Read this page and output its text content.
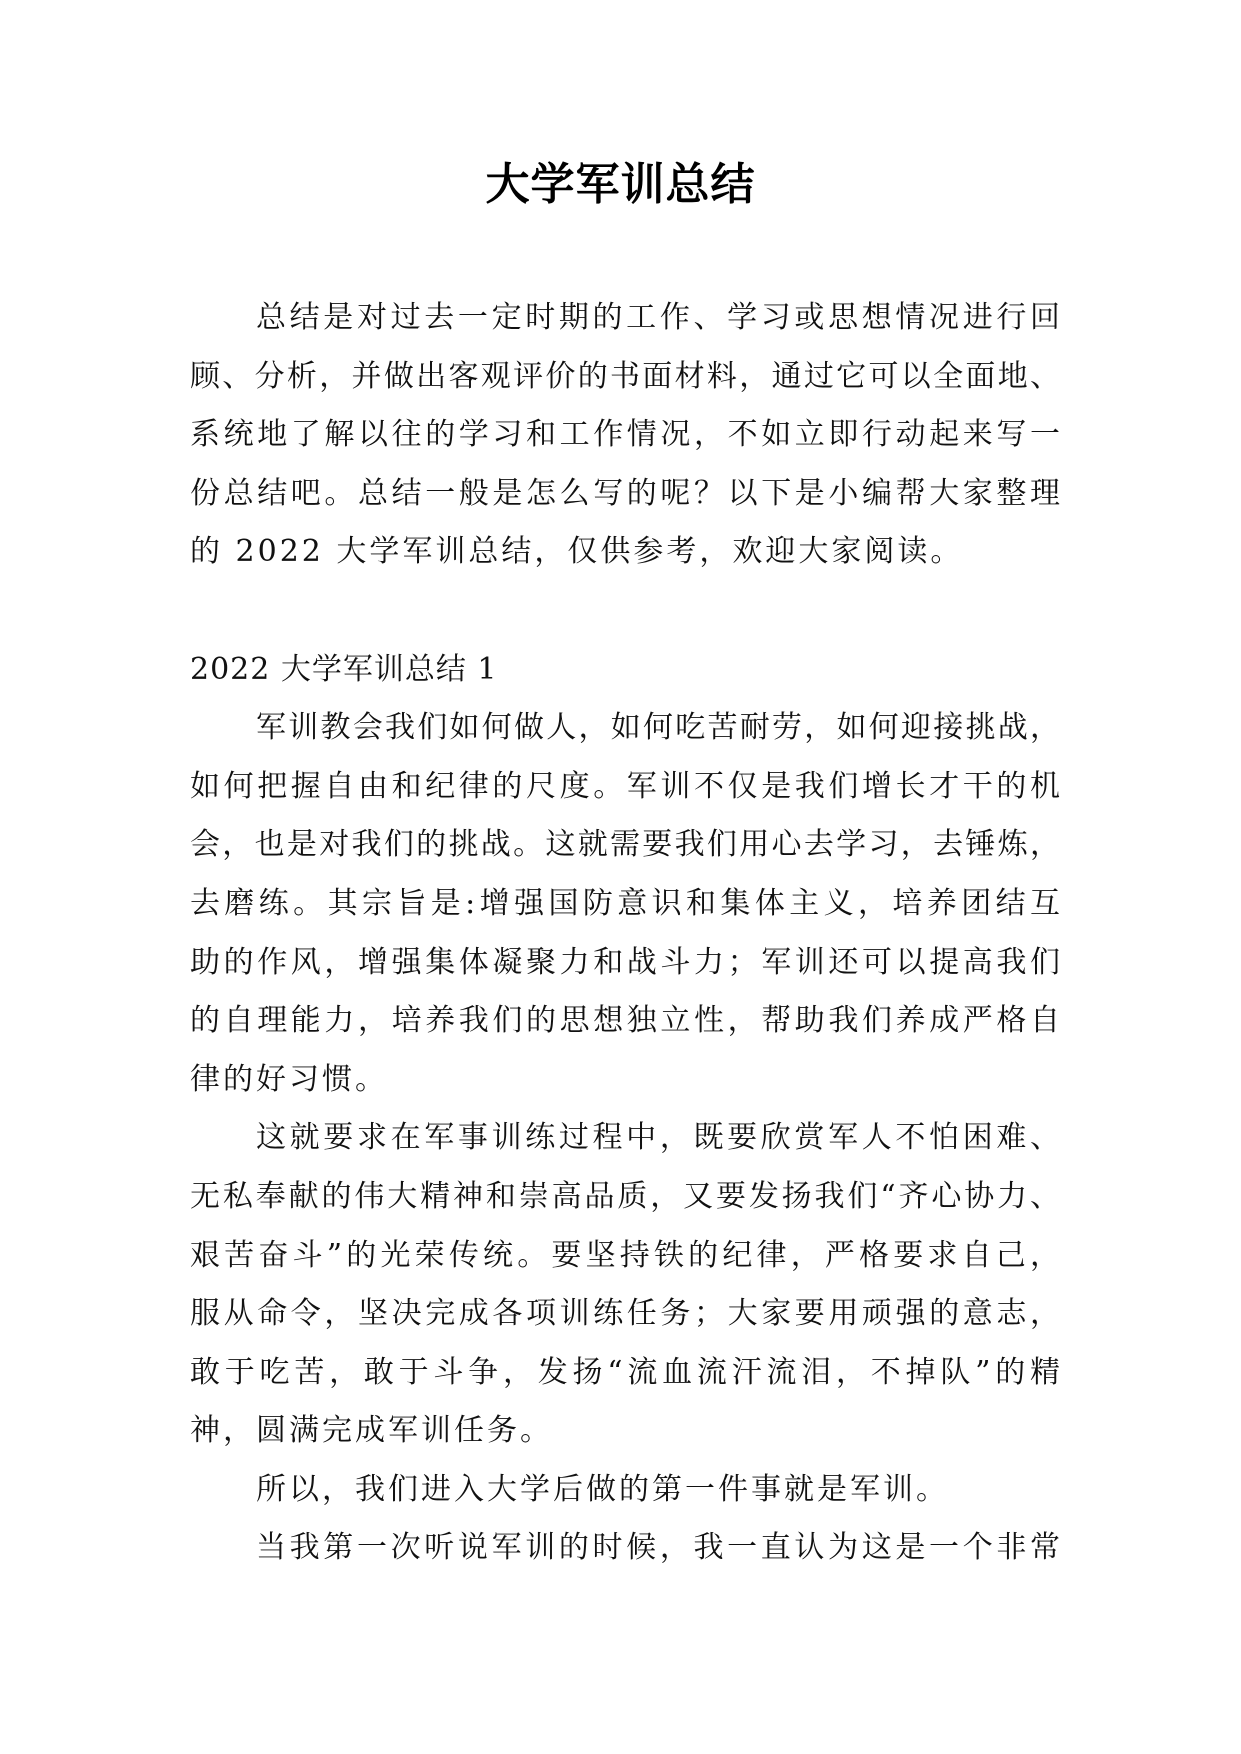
大学军训总结
总结是对过去一定时期的工作、学习或思想情况进行回
顾、分析，并做出客观评价的书面材料，通过它可以全面地、
系统地了解以往的学习和工作情况，不如立即行动起来写一
份总结吧。总结一般是怎么写的呢？以下是小编帮大家整理
的 2022 大学军训总结，仅供参考，欢迎大家阅读。
2022 大学军训总结 1
军训教会我们如何做人，如何吃苦耐劳，如何迎接挑战，
如何把握自由和纪律的尺度。军训不仅是我们增长才干的机
会，也是对我们的挑战。这就需要我们用心去学习，去锤炼，
去磨练。其宗旨是:增强国防意识和集体主义，培养团结互
助的作风，增强集体凝聚力和战斗力；军训还可以提高我们
的自理能力，培养我们的思想独立性，帮助我们养成严格自
律的好习惯。
这就要求在军事训练过程中，既要欣赏军人不怕困难、
无私奉献的伟大精神和崇高品质，又要发扬我们“齐心协力、
艰苦奋斗”的光荣传统。要坚持铁的纪律，严格要求自己，
服从命令，坚决完成各项训练任务；大家要用顽强的意志，
敢于吃苦，敢于斗争，发扬“流血流汗流泪，不掉队”的精
神，圆满完成军训任务。
所以，我们进入大学后做的第一件事就是军训。
当我第一次听说军训的时候，我一直认为这是一个非常
